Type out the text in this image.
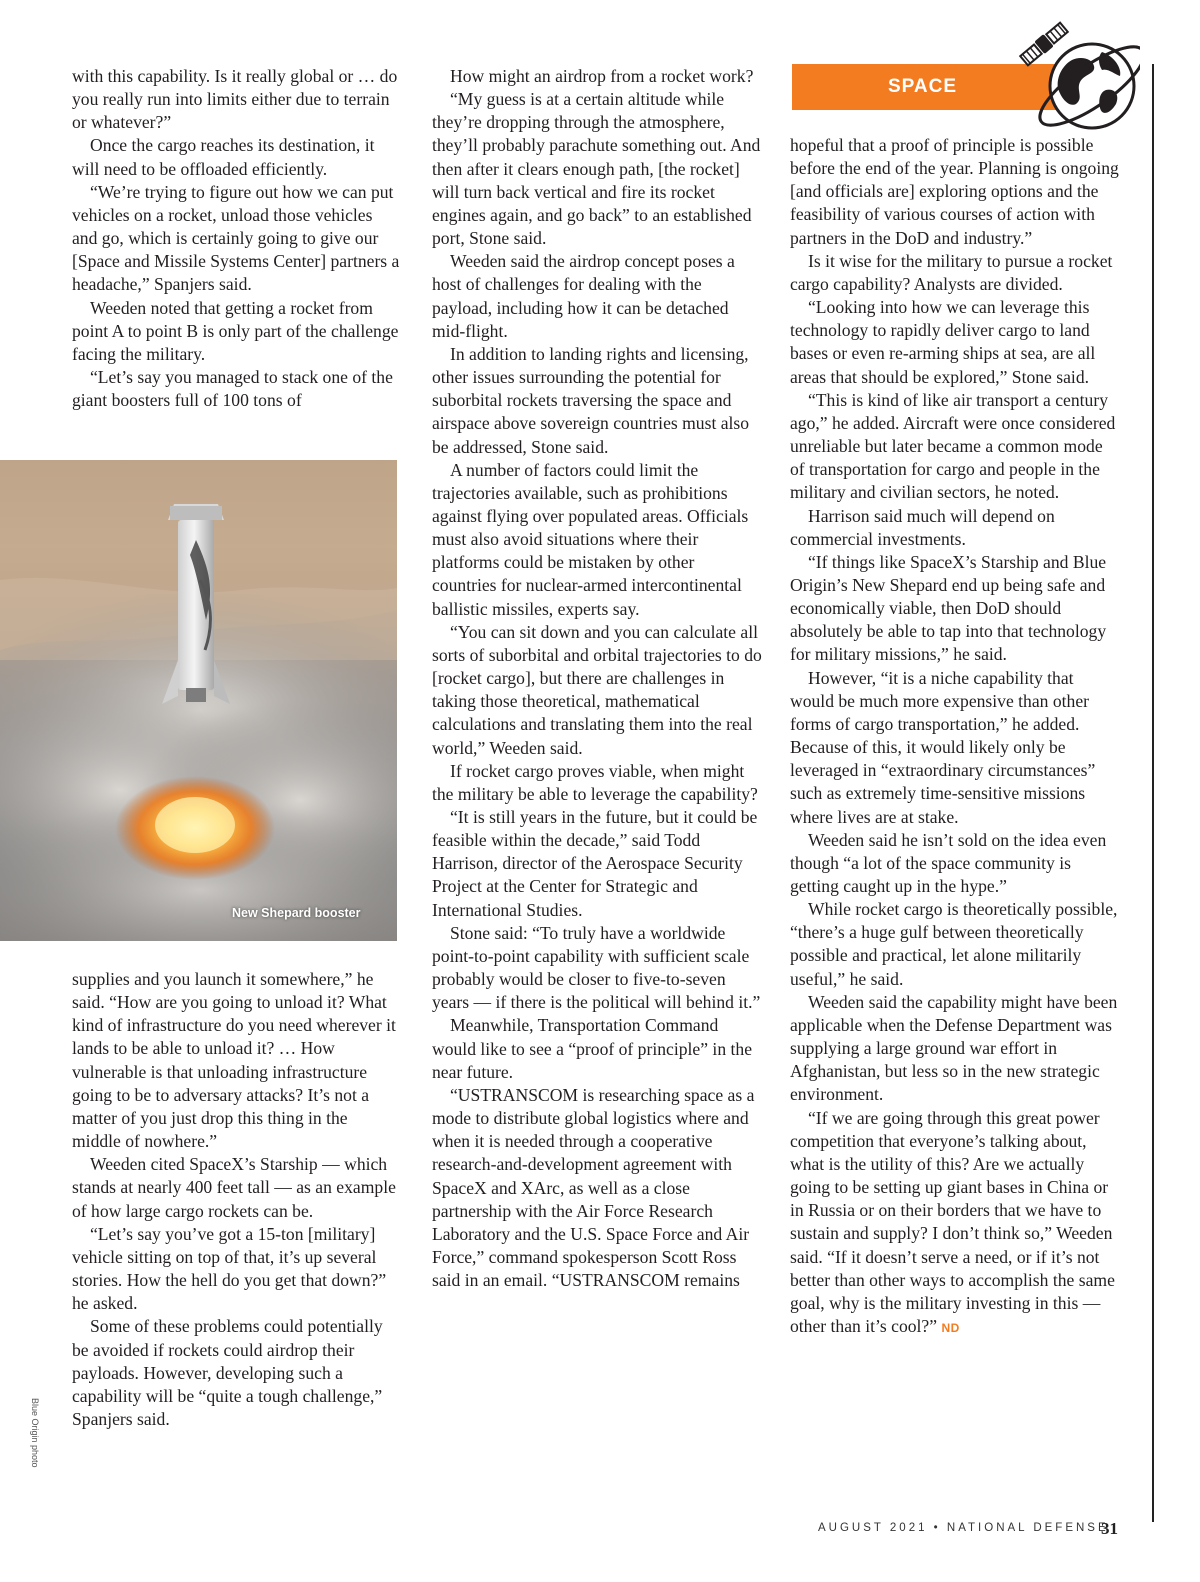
with this capability. Is it really global or … do you really run into limits either due to terrain or whatever?”

Once the cargo reaches its destination, it will need to be offloaded efficiently.

“We’re trying to figure out how we can put vehicles on a rocket, unload those vehicles and go, which is certainly going to give our [Space and Missile Systems Center] partners a headache,” Spanjers said.

Weeden noted that getting a rocket from point A to point B is only part of the challenge facing the military.

“Let’s say you managed to stack one of the giant boosters full of 100 tons of

New Shepard booster
Blue Origin photo

supplies and you launch it somewhere,” he said. “How are you going to unload it? What kind of infrastructure do you need wherever it lands to be able to unload it? … How vulnerable is that unloading infrastructure going to be to adversary attacks? It’s not a matter of you just drop this thing in the middle of nowhere.”

Weeden cited SpaceX’s Starship — which stands at nearly 400 feet tall — as an example of how large cargo rockets can be.

“Let’s say you’ve got a 15-ton [military] vehicle sitting on top of that, it’s up several stories. How the hell do you get that down?” he asked.

Some of these problems could potentially be avoided if rockets could airdrop their payloads. However, developing such a capability will be “quite a tough challenge,” Spanjers said.

How might an airdrop from a rocket work?

“My guess is at a certain altitude while they’re dropping through the atmosphere, they’ll probably parachute something out. And then after it clears enough path, [the rocket] will turn back vertical and fire its rocket engines again, and go back” to an established port, Stone said.

Weeden said the airdrop concept poses a host of challenges for dealing with the payload, including how it can be detached mid-flight.

In addition to landing rights and licensing, other issues surrounding the potential for suborbital rockets traversing the space and airspace above sovereign countries must also be addressed, Stone said.

A number of factors could limit the trajectories available, such as prohibitions against flying over populated areas. Officials must also avoid situations where their platforms could be mistaken by other countries for nuclear-armed intercontinental ballistic missiles, experts say.

“You can sit down and you can calculate all sorts of suborbital and orbital trajectories to do [rocket cargo], but there are challenges in taking those theoretical, mathematical calculations and translating them into the real world,” Weeden said.

If rocket cargo proves viable, when might the military be able to leverage the capability?

“It is still years in the future, but it could be feasible within the decade,” said Todd Harrison, director of the Aerospace Security Project at the Center for Strategic and International Studies.

Stone said: “To truly have a worldwide point-to-point capability with sufficient scale probably would be closer to five-to-seven years — if there is the political will behind it.”

Meanwhile, Transportation Command would like to see a “proof of principle” in the near future.

“USTRANSCOM is researching space as a mode to distribute global logistics where and when it is needed through a cooperative research-and-development agreement with SpaceX and XArc, as well as a close partnership with the Air Force Research Laboratory and the U.S. Space Force and Air Force,” command spokesperson Scott Ross said in an email. “USTRANSCOM remains

hopeful that a proof of principle is possible before the end of the year. Planning is ongoing [and officials are] exploring options and the feasibility of various courses of action with partners in the DoD and industry.”

Is it wise for the military to pursue a rocket cargo capability? Analysts are divided.

“Looking into how we can leverage this technology to rapidly deliver cargo to land bases or even re-arming ships at sea, are all areas that should be explored,” Stone said.

“This is kind of like air transport a century ago,” he added. Aircraft were once considered unreliable but later became a common mode of transportation for cargo and people in the military and civilian sectors, he noted.

Harrison said much will depend on commercial investments.

“If things like SpaceX’s Starship and Blue Origin’s New Shepard end up being safe and economically viable, then DoD should absolutely be able to tap into that technology for military missions,” he said.

However, “it is a niche capability that would be much more expensive than other forms of cargo transportation,” he added. Because of this, it would likely only be leveraged in “extraordinary circumstances” such as extremely time-sensitive missions where lives are at stake.

Weeden said he isn’t sold on the idea even though “a lot of the space community is getting caught up in the hype.”

While rocket cargo is theoretically possible, “there’s a huge gulf between theoretically possible and practical, let alone militarily useful,” he said.

Weeden said the capability might have been applicable when the Defense Department was supplying a large ground war effort in Afghanistan, but less so in the new strategic environment.

“If we are going through this great power competition that everyone’s talking about, what is the utility of this? Are we actually going to be setting up giant bases in China or in Russia or on their borders that we have to sustain and supply? I don’t think so,” Weeden said. “If it doesn’t serve a need, or if it’s not better than other ways to accomplish the same goal, why is the military investing in this — other than it’s cool?” ND

SPACE
AUGUST 2021 • NATIONAL DEFENSE
31
